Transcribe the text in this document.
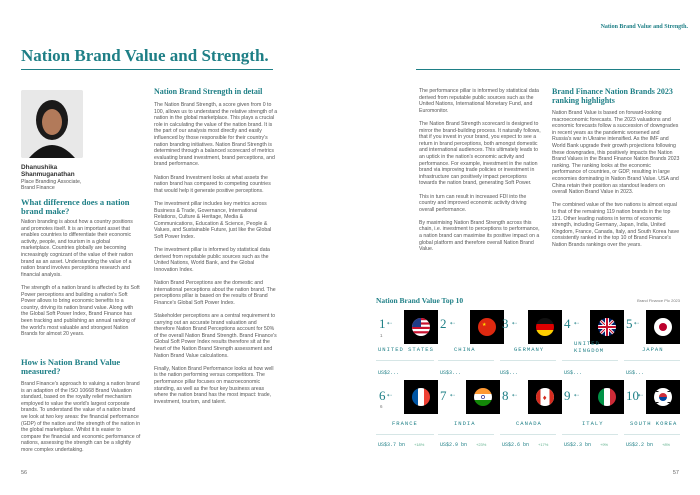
Nation Brand Value and Strength.
Nation Brand Value and Strength.
Dhanushika
Shanmuganathan
Place Branding Associate,
Brand Finance
What difference does a nation brand make?

Nation branding is about how a country positions and promotes itself. It is an important asset that enables countries to differentiate their economic activity, people, and tourism in a global marketplace. Countries globally are becoming increasingly cognizant of the value of their nation brand as an asset. Understanding the value of a nation brand involves perceptions research and financial analysis.

The strength of a nation brand is affected by its Soft Power perceptions and building a nation's Soft Power allows to bring economic benefits to a country, driving its nation brand value. Along with the Global Soft Power Index, Brand Finance has been tracking and publishing an annual ranking of the world's most valuable and strongest Nation Brands for almost 20 years.

How is Nation Brand Value measured?

Brand Finance's approach to valuing a nation brand is an adaption of the ISO 10668 Brand Valuation standard, based on the royalty relief mechanism employed to value the world's largest corporate brands. To understand the value of a nation brand we look at two key areas: the financial performance (GDP) of the nation and the strength of the nation in the global marketplace. Whilst it is easier to compare the financial and economic performance of nations, assessing the strength can be a slightly more complex undertaking.

Nation Brand Strength in detail

The Nation Brand Strength, a score given from 0 to 100, allows us to understand the relative strength of a nation in the global marketplace. This plays a crucial role in calculating the value of the nation brand. It is the part of our analysis most directly and easily influenced by those responsible for their country's nation branding initiatives. Nation Brand Strength is determined through a balanced scorecard of metrics evaluating brand investment, brand perceptions, and brand performance.

Nation Brand Investment looks at what assets the nation brand has compared to competing countries that would help it generate positive perceptions.

The investment pillar includes key metrics across Business & Trade, Governance, International Relations, Culture & Heritage, Media & Communications, Education & Science, People & Values, and Sustainable Future, just like the Global Soft Power Index.

The investment pillar is informed by statistical data derived from reputable public sources such as the United Nations, World Bank, and the Global Innovation Index.

Nation Brand Perceptions are the domestic and international perceptions about the nation brand. The perceptions pillar is based on the results of Brand Finance's Global Soft Power Index.

Stakeholder perceptions are a central requirement to carrying out an accurate brand valuation and therefore Nation Brand Perceptions account for 50% of the overall Nation Brand Strength. Brand Finance's Global Soft Power Index results therefore sit at the heart of the Nation Brand Strength assessment and Nation Brand Value calculations.

Finally, Nation Brand Performance looks at how well is the nation performing versus competitors. The performance pillar focuses on macroeconomic standing, as well as the four key business areas where the nation brand has the most impact: trade, investment, tourism, and talent.

The performance pillar is informed by statistical data derived from reputable public sources such as the United Nations, International Monetary Fund, and Euromonitor.

The Nation Brand Strength scorecard is designed to mirror the brand-building process. It naturally follows, that if you invest in your brand, you expect to see a return in brand perceptions, both amongst domestic and international audiences. This ultimately leads to an uptick in the nation's economic activity and performance. For example, investment in the nation brand via improving trade policies or investment in infrastructure can positively impact perceptions towards the nation brand, generating Soft Power.

This in turn can result in increased FDI into the country and improved economic activity driving overall performance.

By maximising Nation Brand Strength across this chain, i.e. investment to perceptions to performance, a nation brand can maximise its positive impact on a global platform and therefore overall Nation Brand Value.

Brand Finance Nation Brands 2023 ranking highlights

Nation Brand Value is based on forward-looking macroeconomic forecasts. The 2023 valuations and economic forecasts follow a succession of downgrades in recent years as the pandemic worsened and Russia's war in Ukraine intensified. As the IMF and World Bank upgrade their growth projections following these downgrades, this positively impacts the Nation Brand Values in the Brand Finance Nation Brands 2023 ranking. The ranking looks at the economic performance of countries, or GDP, resulting in large economies dominating in Nation Brand Value. USA and China retain their position as standout leaders on overall Nation Brand Value in 2023.

The combined value of the two nations is almost equal to that of the remaining 119 nation brands in the top 121. Other leading nations in terms of economic strength, including Germany, Japan, India, United Kingdom, France, Canada, Italy, and South Korea have consistently ranked in the top 10 of Brand Finance's Nation Brands rankings over the years.

Nation Brand Value Top 10	Brand Finance PIc 2023
1
1
⇠
UNITED STATES
US$2...
★
2 ⇠
CHINA
US$3...
3 ⇠
GERMANY
US$...
4 ⇠
UNITED KINGDOM
US$...
5 ⇠
JAPAN
US$...
6
6
⇠
FRANCE
US$3.7 bn +18%
7 ⇠
INDIA
US$2.9 bn +23%
♦
8 ⇠
CANADA
US$2.6 bn +17%
9 ⇠
ITALY
US$2.3 bn +9%
10 ⇠
SOUTH KOREA
US$2.2 bn +8%
56	57
